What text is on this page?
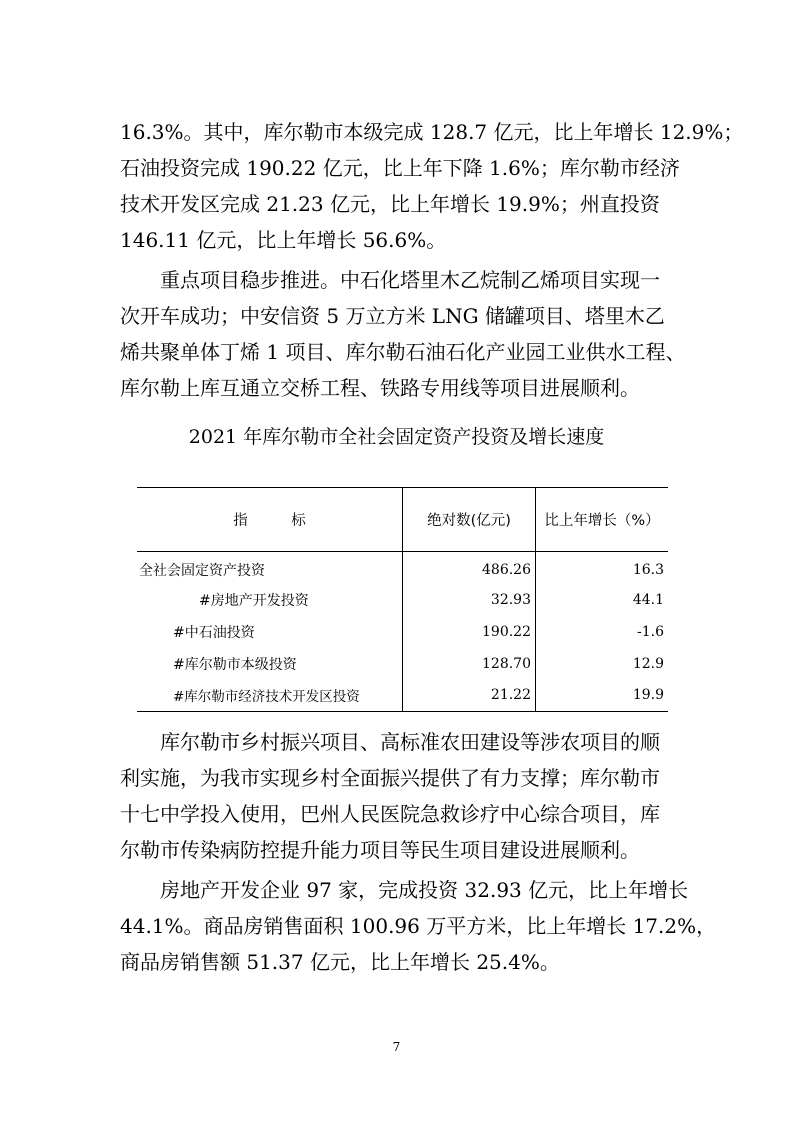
16.3%。其中，库尔勒市本级完成 128.7 亿元，比上年增长 12.9%；
石油投资完成 190.22 亿元，比上年下降 1.6%；库尔勒市经济
技术开发区完成 21.23 亿元，比上年增长 19.9%；州直投资
146.11 亿元，比上年增长 56.6%。

　　重点项目稳步推进。中石化塔里木乙烷制乙烯项目实现一
次开车成功；中安信资 5 万立方米 LNG 储罐项目、塔里木乙
烯共聚单体丁烯 1 项目、库尔勒石油石化产业园工业供水工程、
库尔勒上库互通立交桥工程、铁路专用线等项目进展顺利。

2021 年库尔勒市全社会固定资产投资及增长速度
指　　　标	绝对数(亿元)	比上年增长（%）
全社会固定资产投资	486.26	16.3
#房地产开发投资	32.93	44.1
#中石油投资	190.22	-1.6
#库尔勒市本级投资	128.70	12.9
#库尔勒市经济技术开发区投资	21.22	19.9

　　库尔勒市乡村振兴项目、高标准农田建设等涉农项目的顺
利实施，为我市实现乡村全面振兴提供了有力支撑；库尔勒市
十七中学投入使用，巴州人民医院急救诊疗中心综合项目，库
尔勒市传染病防控提升能力项目等民生项目建设进展顺利。

　　房地产开发企业 97 家，完成投资 32.93 亿元，比上年增长
44.1%。商品房销售面积 100.96 万平方米，比上年增长 17.2%，
商品房销售额 51.37 亿元，比上年增长 25.4%。

7
